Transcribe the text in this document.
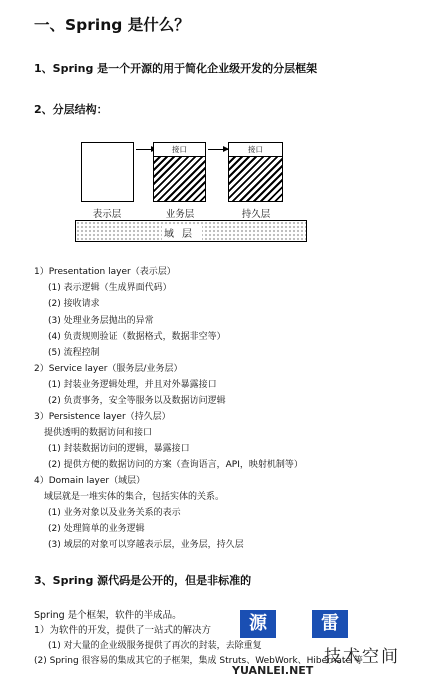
一、Spring 是什么？
1、Spring 是一个开源的用于简化企业级开发的分层框架
2、分层结构：
接口	接口
表示层	业务层	持久层
域层
1）Presentation layer（表示层）
(1) 表示逻辑（生成界面代码）
(2) 接收请求
(3) 处理业务层抛出的异常
(4) 负责规则验证（数据格式，数据非空等）
(5) 流程控制
2）Service layer（服务层/业务层）
(1) 封装业务逻辑处理，并且对外暴露接口
(2) 负责事务，安全等服务以及数据访问逻辑
3）Persistence layer（持久层）
提供透明的数据访问和接口
(1) 封装数据访问的逻辑，暴露接口
(2) 提供方便的数据访问的方案（查询语言，API，映射机制等）
4）Domain layer（域层）
域层就是一堆实体的集合，包括实体的关系。
(1) 业务对象以及业务关系的表示
(2) 处理简单的业务逻辑
(3) 域层的对象可以穿越表示层，业务层，持久层
3、Spring 源代码是公开的，但是非标准的
Spring 是个框架，软件的半成品。
1）为软件的开发，提供了一站式的解决方
(1) 对大量的企业级服务提供了再次的封装，去除重复
(2) Spring 很容易的集成其它的子框架，集成 Struts、WebWork、Hibernate 等
源	雷
技术空间
YUANLEI.NET
